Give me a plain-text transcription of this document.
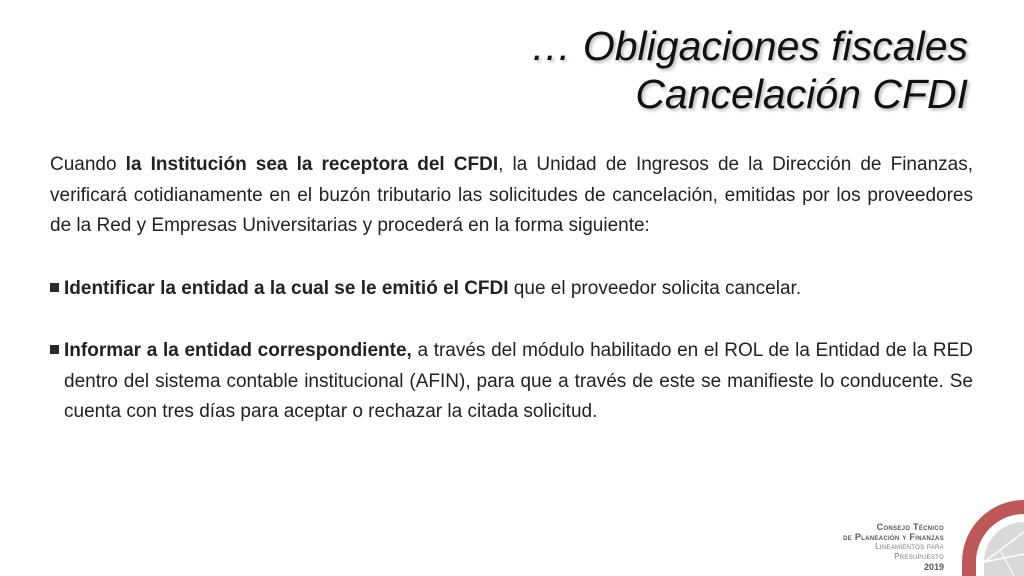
… Obligaciones fiscales
Cancelación CFDI

Cuando la Institución sea la receptora del CFDI, la Unidad de Ingresos de la Dirección de Finanzas, verificará cotidianamente en el buzón tributario las solicitudes de cancelación, emitidas por los proveedores de la Red y Empresas Universitarias y procederá en la forma siguiente:

Identificar la entidad a la cual se le emitió el CFDI que el proveedor solicita cancelar.

Informar a la entidad correspondiente, a través del módulo habilitado en el ROL de la Entidad de la RED dentro del sistema contable institucional (AFIN), para que a través de este se manifieste lo conducente. Se cuenta con tres días para aceptar o rechazar la citada solicitud.

Consejo Técnico
de Planeación y Finanzas
Lineamientos para Presupuesto
2019
